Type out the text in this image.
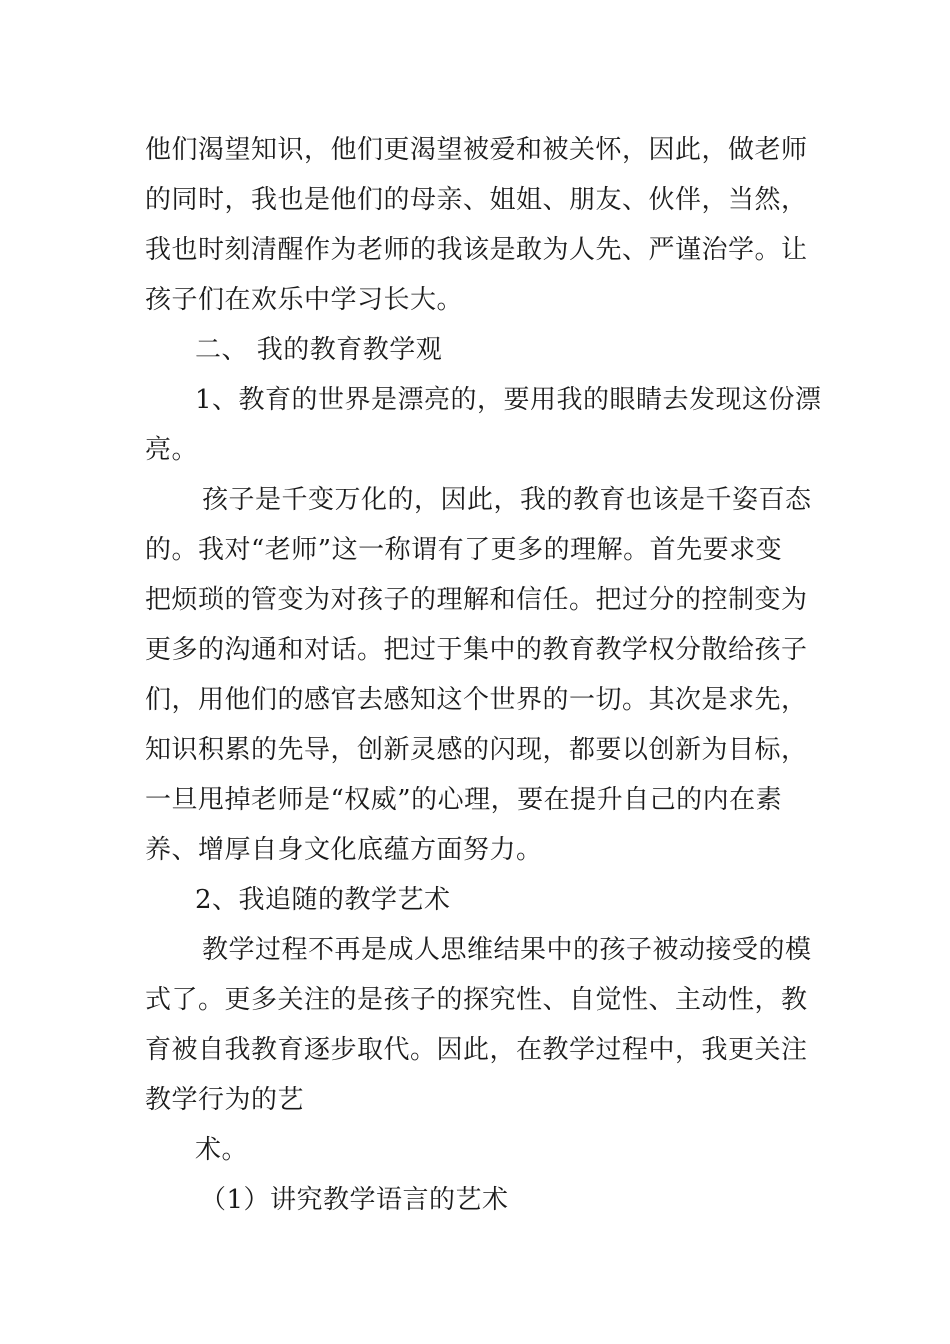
他们渴望知识，他们更渴望被爱和被关怀，因此，做老师
的同时，我也是他们的母亲、姐姐、朋友、伙伴，当然，
我也时刻清醒作为老师的我该是敢为人先、严谨治学。让
孩子们在欢乐中学习长大。
二、 我的教育教学观
1、教育的世界是漂亮的，要用我的眼睛去发现这份漂
亮。
孩子是千变万化的，因此，我的教育也该是千姿百态
的。我对“老师”这一称谓有了更多的理解。首先要求变
把烦琐的管变为对孩子的理解和信任。把过分的控制变为
更多的沟通和对话。把过于集中的教育教学权分散给孩子
们，用他们的感官去感知这个世界的一切。其次是求先，
知识积累的先导，创新灵感的闪现，都要以创新为目标，
一旦甩掉老师是“权威”的心理，要在提升自己的内在素
养、增厚自身文化底蕴方面努力。
2、我追随的教学艺术
教学过程不再是成人思维结果中的孩子被动接受的模
式了。更多关注的是孩子的探究性、自觉性、主动性，教
育被自我教育逐步取代。因此，在教学过程中，我更关注
教学行为的艺
术。
（1）讲究教学语言的艺术
